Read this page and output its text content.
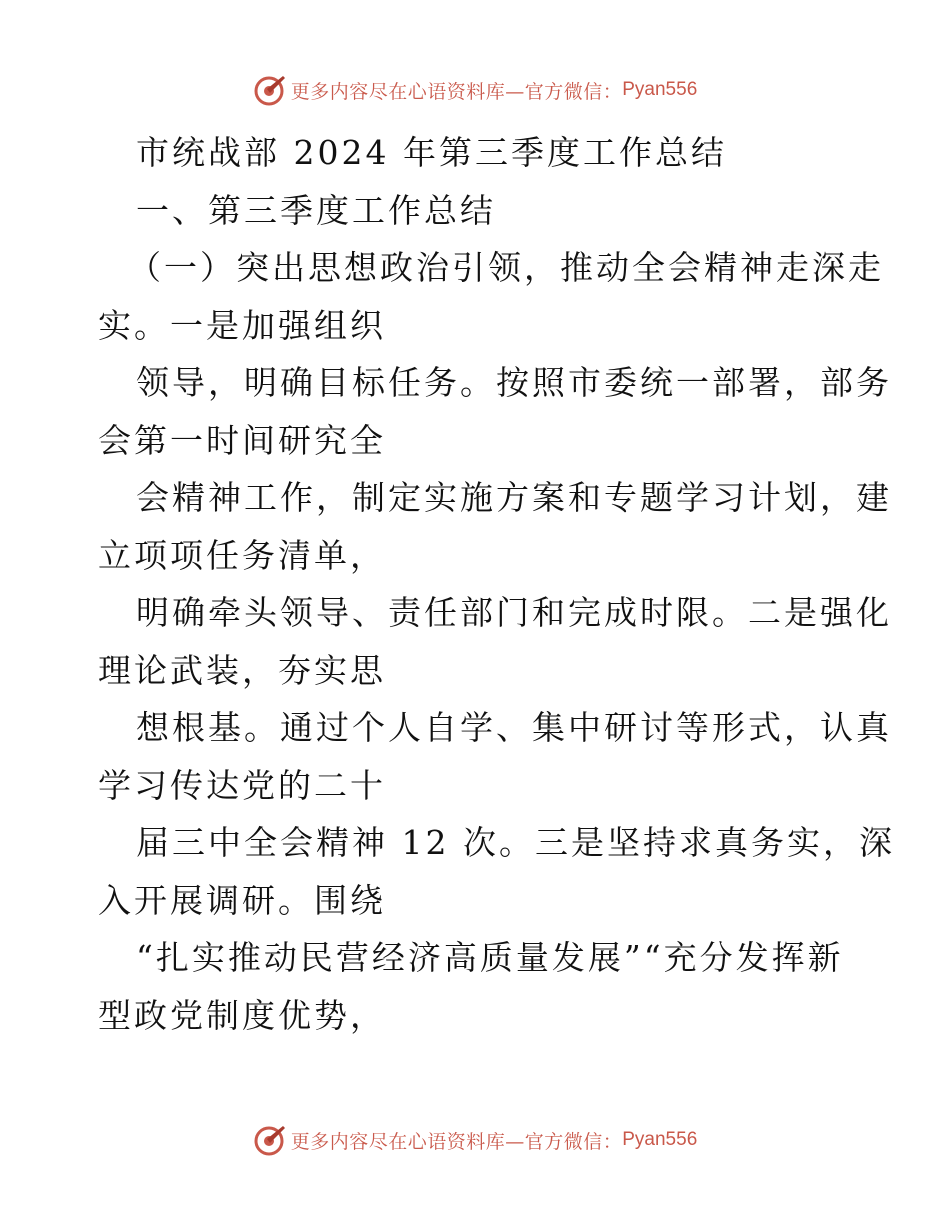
更多内容尽在心语资料库—官方微信： Pyan556
市统战部 2024 年第三季度工作总结
一、第三季度工作总结
（一）突出思想政治引领，推动全会精神走深走
实。一是加强组织
领导，明确目标任务。按照市委统一部署，部务
会第一时间研究全
会精神工作，制定实施方案和专题学习计划，建
立项项任务清单，
明确牵头领导、责任部门和完成时限。二是强化
理论武装，夯实思
想根基。通过个人自学、集中研讨等形式，认真
学习传达党的二十
届三中全会精神 12 次。三是坚持求真务实，深
入开展调研。围绕
“扎实推动民营经济高质量发展”“充分发挥新
型政党制度优势，
更多内容尽在心语资料库—官方微信： Pyan556
